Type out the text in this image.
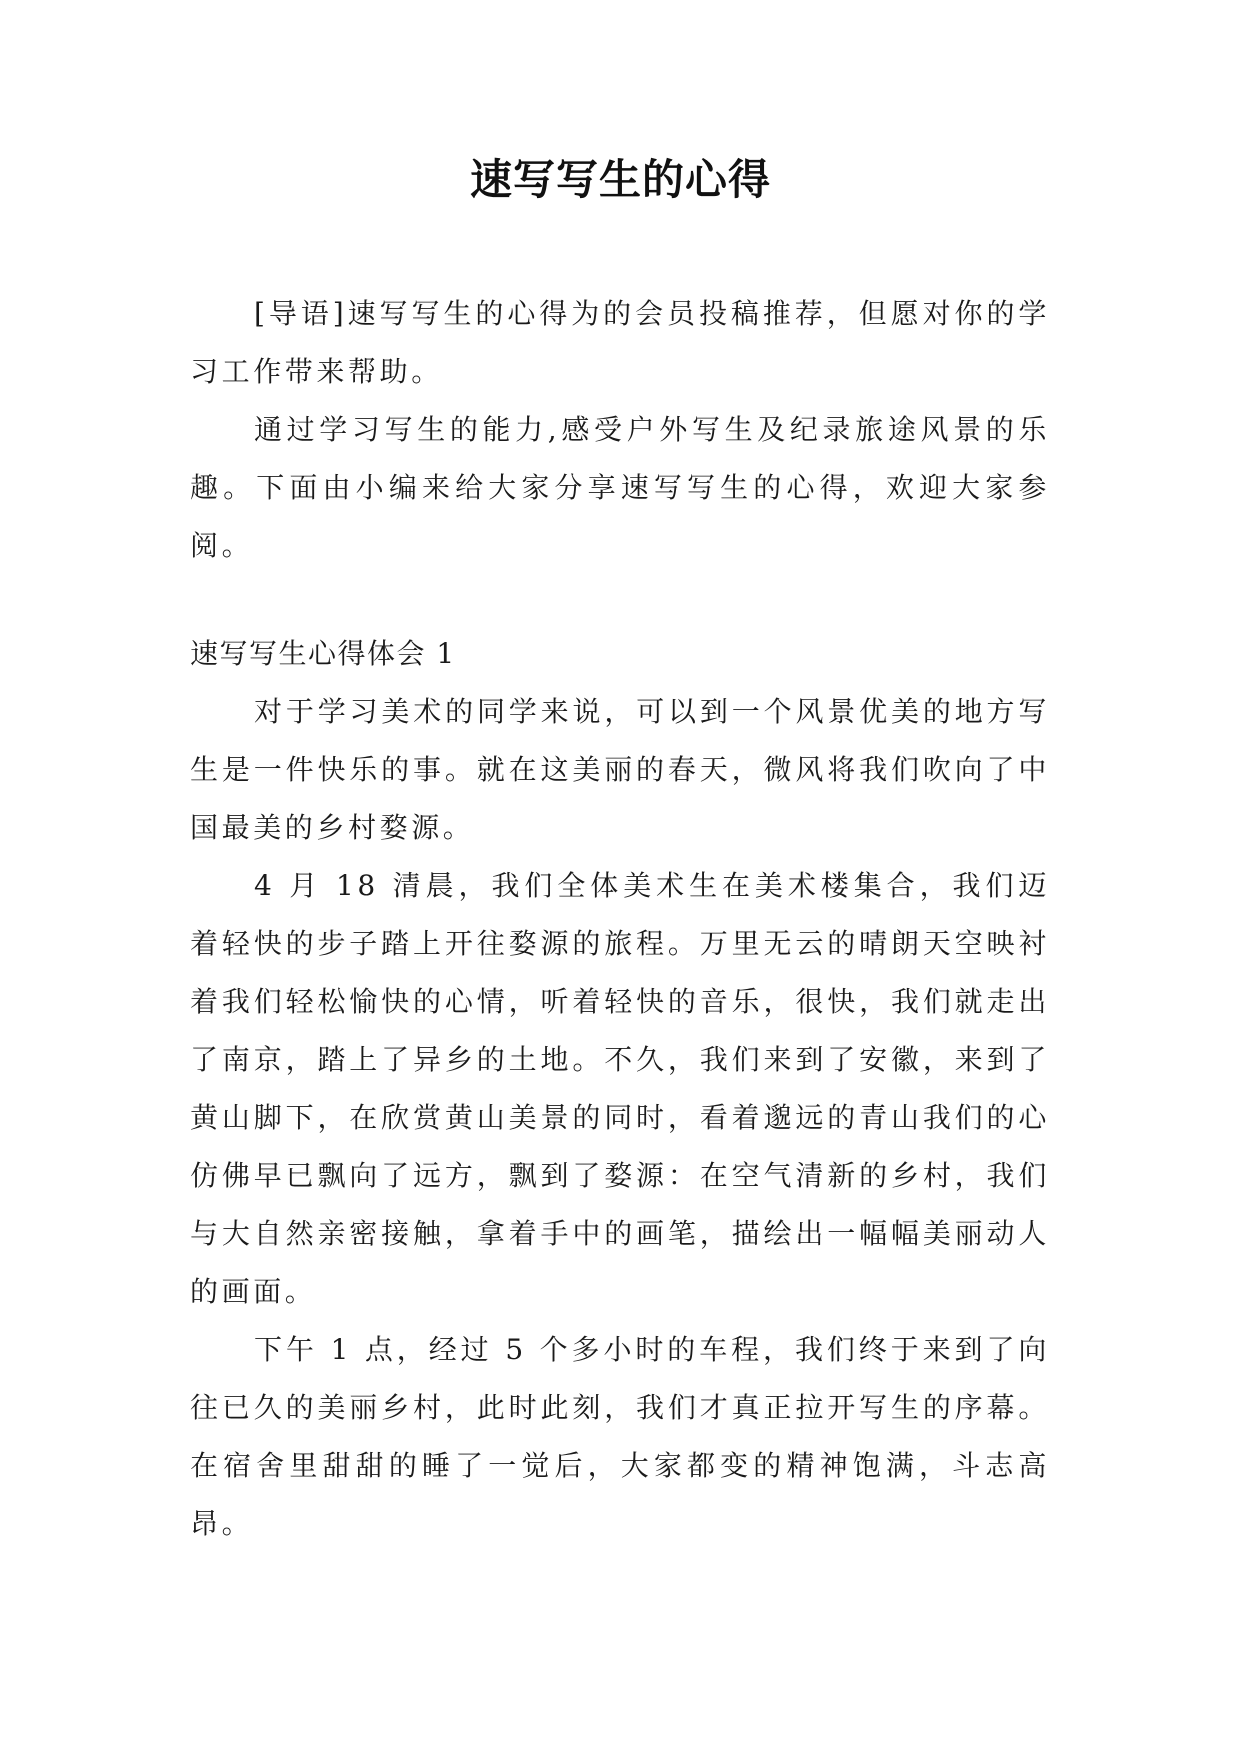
速写写生的心得

[导语]速写写生的心得为的会员投稿推荐，但愿对你的学习工作带来帮助。

通过学习写生的能力,感受户外写生及纪录旅途风景的乐趣。下面由小编来给大家分享速写写生的心得，欢迎大家参阅。

速写写生心得体会 1

对于学习美术的同学来说，可以到一个风景优美的地方写生是一件快乐的事。就在这美丽的春天，微风将我们吹向了中国最美的乡村婺源。

4 月 18 清晨，我们全体美术生在美术楼集合，我们迈着轻快的步子踏上开往婺源的旅程。万里无云的晴朗天空映衬着我们轻松愉快的心情，听着轻快的音乐，很快，我们就走出了南京，踏上了异乡的土地。不久，我们来到了安徽，来到了黄山脚下，在欣赏黄山美景的同时，看着邈远的青山我们的心仿佛早已飘向了远方，飘到了婺源：在空气清新的乡村，我们与大自然亲密接触，拿着手中的画笔，描绘出一幅幅美丽动人的画面。

下午 1 点，经过 5 个多小时的车程，我们终于来到了向往已久的美丽乡村，此时此刻，我们才真正拉开写生的序幕。在宿舍里甜甜的睡了一觉后，大家都变的精神饱满，斗志高昂。
